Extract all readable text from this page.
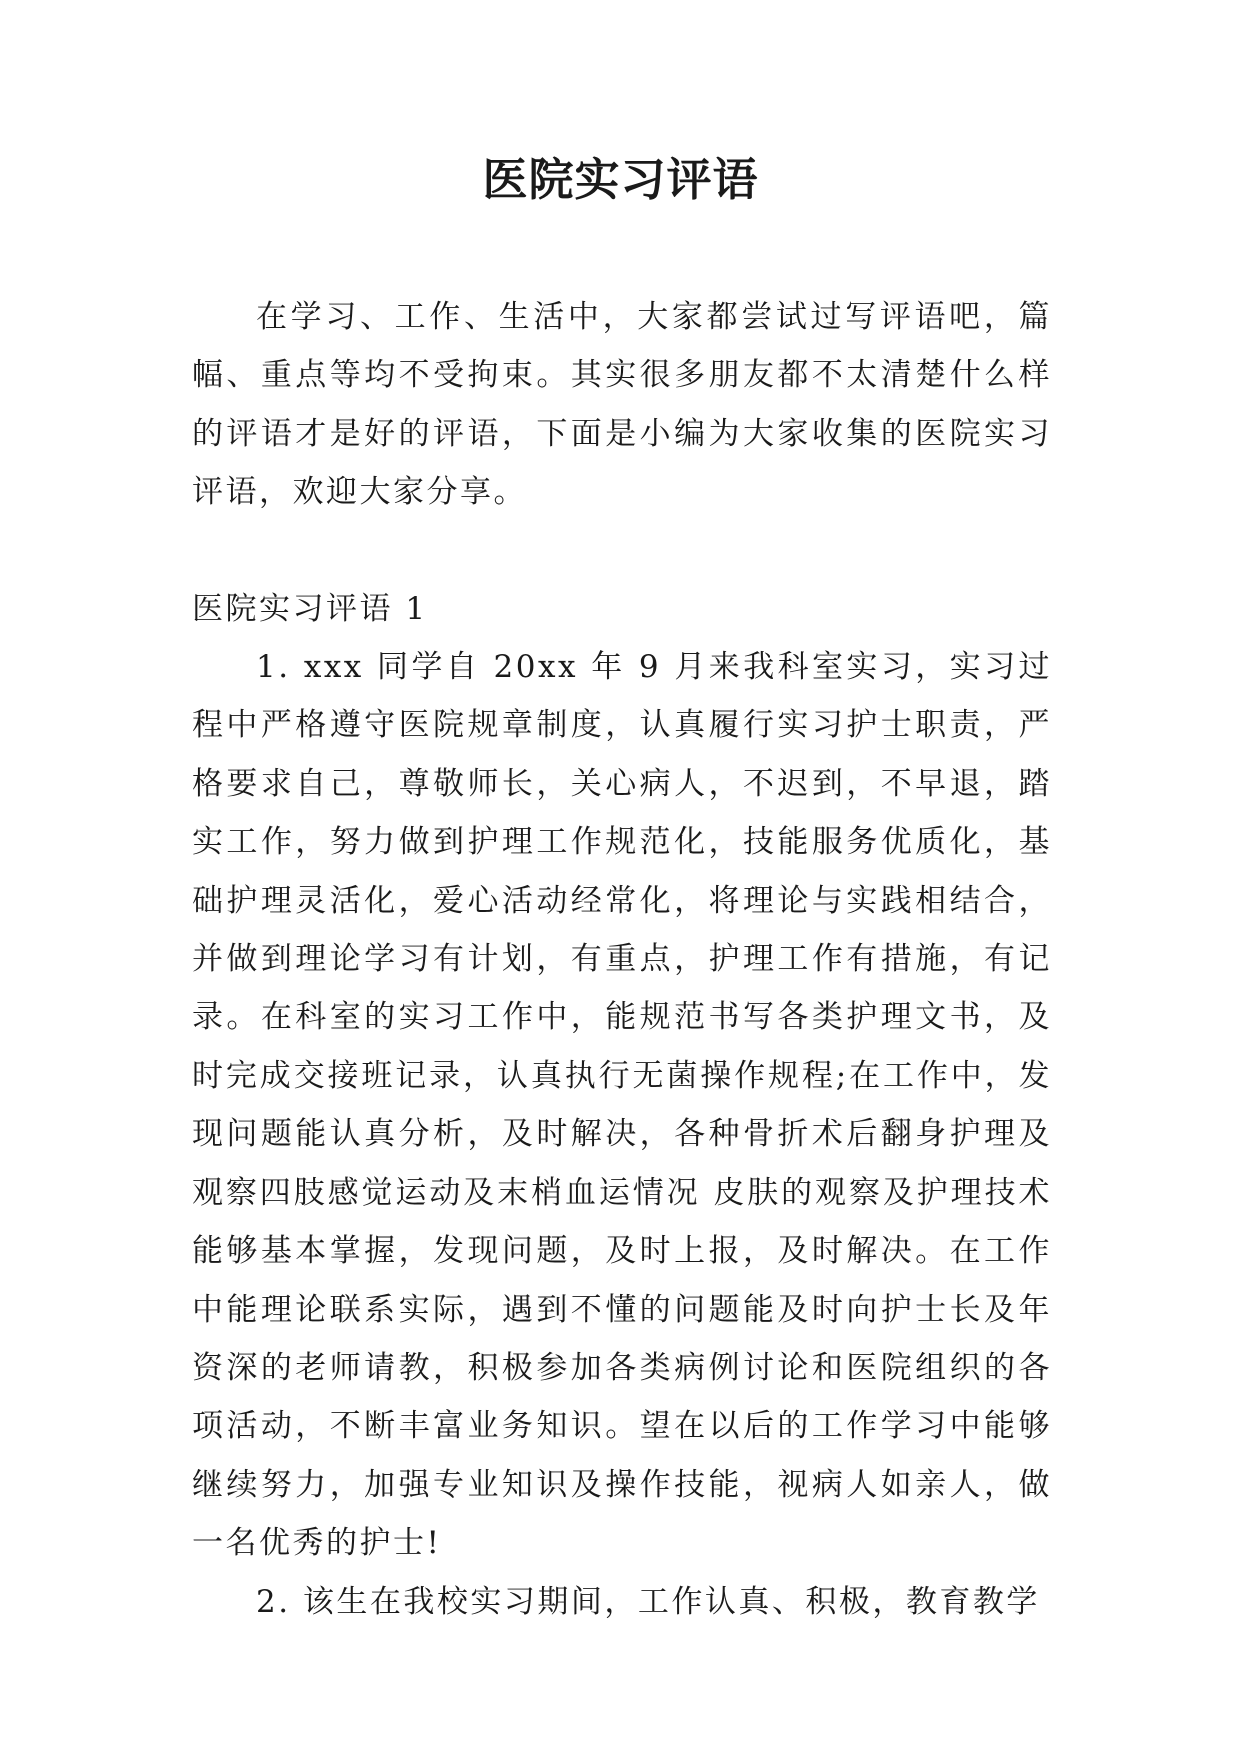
医院实习评语

在学习、工作、生活中，大家都尝试过写评语吧，篇幅、重点等均不受拘束。其实很多朋友都不太清楚什么样的评语才是好的评语，下面是小编为大家收集的医院实习评语，欢迎大家分享。

医院实习评语 1

1. xxx 同学自 20xx 年 9 月来我科室实习，实习过程中严格遵守医院规章制度，认真履行实习护士职责，严格要求自己，尊敬师长，关心病人，不迟到，不早退，踏实工作，努力做到护理工作规范化，技能服务优质化，基础护理灵活化，爱心活动经常化，将理论与实践相结合，并做到理论学习有计划，有重点，护理工作有措施，有记录。在科室的实习工作中，能规范书写各类护理文书，及时完成交接班记录，认真执行无菌操作规程;在工作中，发现问题能认真分析，及时解决，各种骨折术后翻身护理及观察四肢感觉运动及末梢血运情况 皮肤的观察及护理技术能够基本掌握，发现问题，及时上报，及时解决。在工作中能理论联系实际，遇到不懂的问题能及时向护士长及年资深的老师请教，积极参加各类病例讨论和医院组织的各项活动，不断丰富业务知识。望在以后的工作学习中能够继续努力，加强专业知识及操作技能，视病人如亲人，做一名优秀的护士!

2. 该生在我校实习期间，工作认真、积极，教育教学
